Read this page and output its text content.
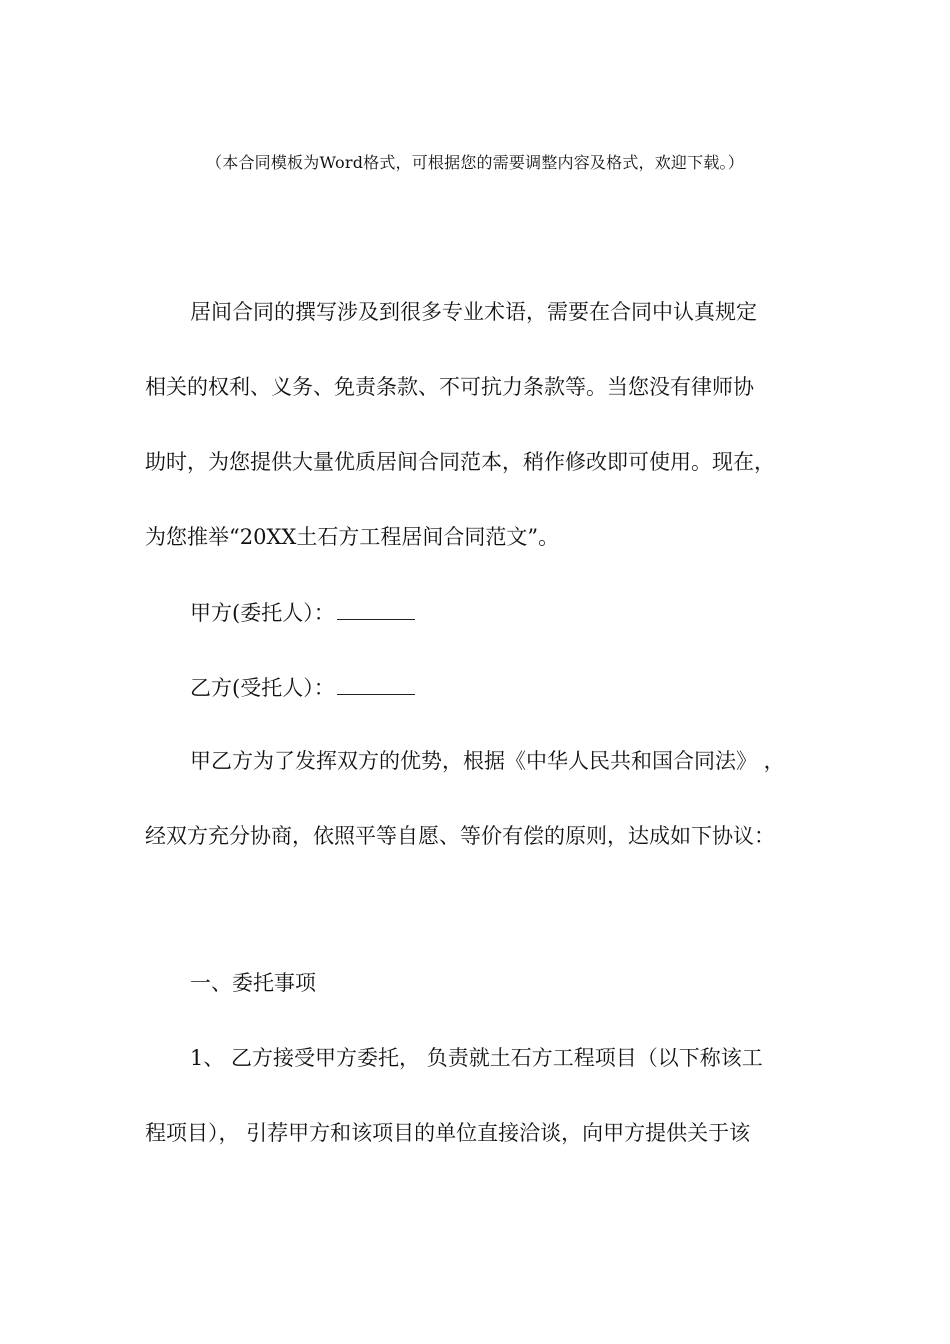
（本合同模板为Word格式，可根据您的需要调整内容及格式，欢迎下载。）
居间合同的撰写涉及到很多专业术语，需要在合同中认真规定
相关的权利、义务、免责条款、不可抗力条款等。当您没有律师协
助时，为您提供大量优质居间合同范本，稍作修改即可使用。现在，
为您推举“20XX土石方工程居间合同范文”。
甲方(委托人）：
乙方(受托人）：
甲乙方为了发挥双方的优势，根据《中华人民共和国合同法》 ，
经双方充分协商，依照平等自愿、等价有偿的原则，达成如下协议：
一、委托事项
1、 乙方接受甲方委托， 负责就土石方工程项目（以下称该工
程项目）， 引荐甲方和该项目的单位直接洽谈，向甲方提供关于该
